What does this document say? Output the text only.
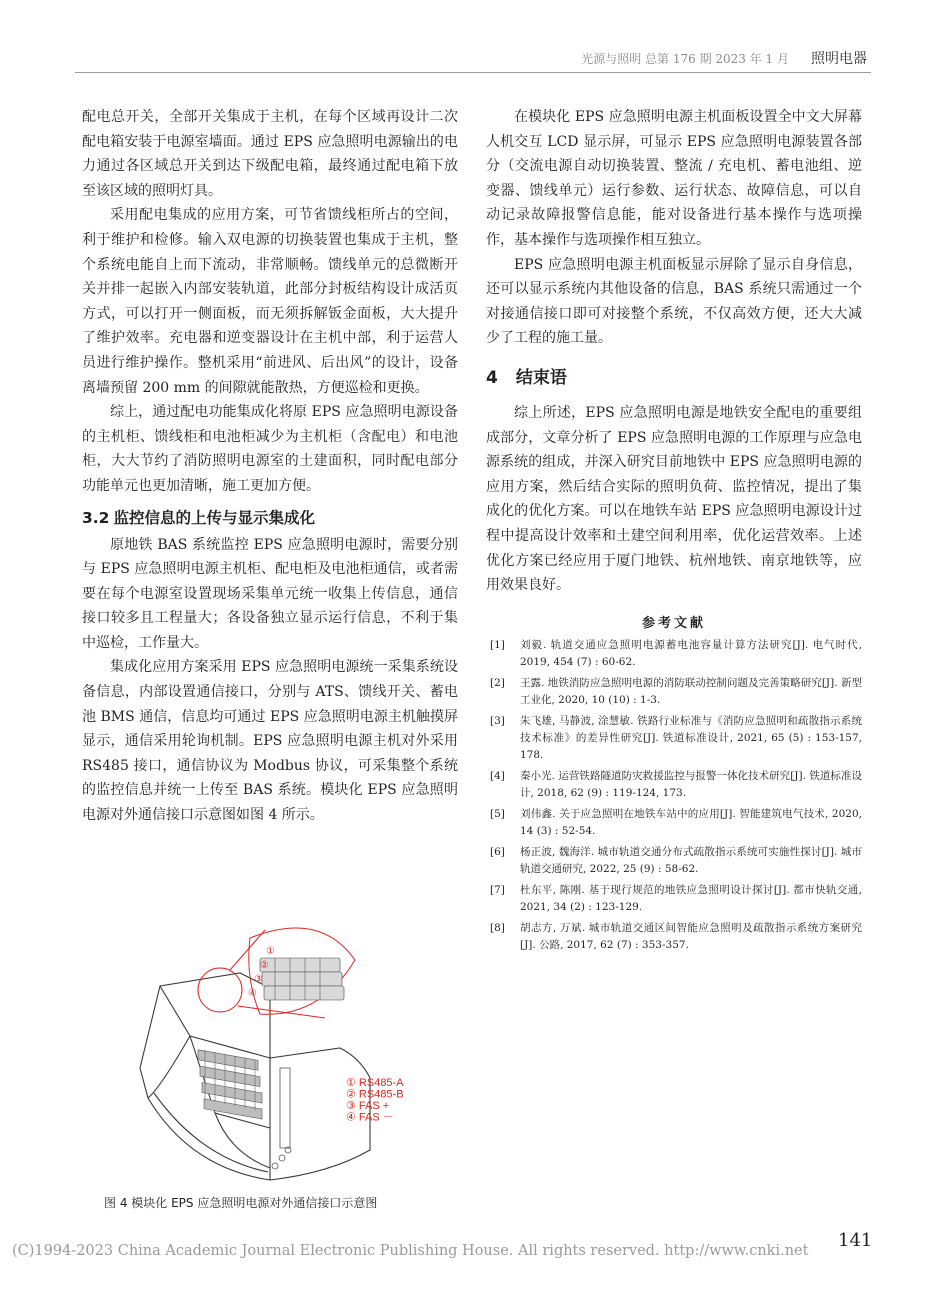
光源与照明 总第 176 期 2023 年 1 月 照明电器

配电总开关，全部开关集成于主机，在每个区域再设计二次配电箱安装于电源室墙面。通过 EPS 应急照明电源输出的电力通过各区域总开关到达下级配电箱，最终通过配电箱下放至该区域的照明灯具。

采用配电集成的应用方案，可节省馈线柜所占的空间，利于维护和检修。输入双电源的切换装置也集成于主机，整个系统电能自上而下流动，非常顺畅。馈线单元的总微断开关并排一起嵌入内部安装轨道，此部分封板结构设计成活页方式，可以打开一侧面板，而无须拆解钣金面板，大大提升了维护效率。充电器和逆变器设计在主机中部，利于运营人员进行维护操作。整机采用“前进风、后出风”的设计，设备离墙预留 200 mm 的间隙就能散热，方便巡检和更换。

综上，通过配电功能集成化将原 EPS 应急照明电源设备的主机柜、馈线柜和电池柜减少为主机柜（含配电）和电池柜，大大节约了消防照明电源室的土建面积，同时配电部分功能单元也更加清晰，施工更加方便。

3.2 监控信息的上传与显示集成化

原地铁 BAS 系统监控 EPS 应急照明电源时，需要分别与 EPS 应急照明电源主机柜、配电柜及电池柜通信，或者需要在每个电源室设置现场采集单元统一收集上传信息，通信接口较多且工程量大；各设备独立显示运行信息，不利于集中巡检，工作量大。

集成化应用方案采用 EPS 应急照明电源统一采集系统设备信息，内部设置通信接口，分别与 ATS、馈线开关、蓄电池 BMS 通信，信息均可通过 EPS 应急照明电源主机触摸屏显示，通信采用轮询机制。EPS 应急照明电源主机对外采用 RS485 接口，通信协议为 Modbus 协议，可采集整个系统的监控信息并统一上传至 BAS 系统。模块化 EPS 应急照明电源对外通信接口示意图如图 4 所示。

在模块化 EPS 应急照明电源主机面板设置全中文大屏幕人机交互 LCD 显示屏，可显示 EPS 应急照明电源装置各部分（交流电源自动切换装置、整流 / 充电机、蓄电池组、逆变器、馈线单元）运行参数、运行状态、故障信息，可以自动记录故障报警信息能，能对设备进行基本操作与选项操作，基本操作与选项操作相互独立。

EPS 应急照明电源主机面板显示屏除了显示自身信息，还可以显示系统内其他设备的信息，BAS 系统只需通过一个对接通信接口即可对接整个系统，不仅高效方便，还大大减少了工程的施工量。

4 结束语

综上所述，EPS 应急照明电源是地铁安全配电的重要组成部分，文章分析了 EPS 应急照明电源的工作原理与应急电源系统的组成，并深入研究目前地铁中 EPS 应急照明电源的应用方案，然后结合实际的照明负荷、监控情况，提出了集成化的优化方案。可以在地铁车站 EPS 应急照明电源设计过程中提高设计效率和土建空间利用率，优化运营效率。上述优化方案已经应用于厦门地铁、杭州地铁、南京地铁等，应用效果良好。

参考文献
[1] 刘毅. 轨道交通应急照明电源蓄电池容量计算方法研究[J]. 电气时代, 2019, 454 (7) : 60-62.
[2] 王露. 地铁消防应急照明电源的消防联动控制问题及完善策略研究[J]. 新型工业化, 2020, 10 (10) : 1-3.
[3] 朱飞雄, 马静波, 涂慧敏. 铁路行业标准与《消防应急照明和疏散指示系统技术标准》的差异性研究[J]. 铁道标准设计, 2021, 65 (5) : 153-157, 178.
[4] 秦小光. 运营铁路隧道防灾救援监控与报警一体化技术研究[J]. 铁道标准设计, 2018, 62 (9) : 119-124, 173.
[5] 刘伟鑫. 关于应急照明在地铁车站中的应用[J]. 智能建筑电气技术, 2020, 14 (3) : 52-54.
[6] 杨正波, 魏海洋. 城市轨道交通分布式疏散指示系统可实施性探讨[J]. 城市轨道交通研究, 2022, 25 (9) : 58-62.
[7] 杜东平, 陈刚. 基于现行规范的地铁应急照明设计探讨[J]. 都市快轨交通, 2021, 34 (2) : 123-129.
[8] 胡志方, 万斌. 城市轨道交通区间智能应急照明及疏散指示系统方案研究[J]. 公路, 2017, 62 (7) : 353-357.
①
②
③
④
① RS485-A
② RS485-B
③ FAS +
④ FAS －
图 4 模块化 EPS 应急照明电源对外通信接口示意图
(C)1994-2023 China Academic Journal Electronic Publishing House. All rights reserved. http://www.cnki.net 141
